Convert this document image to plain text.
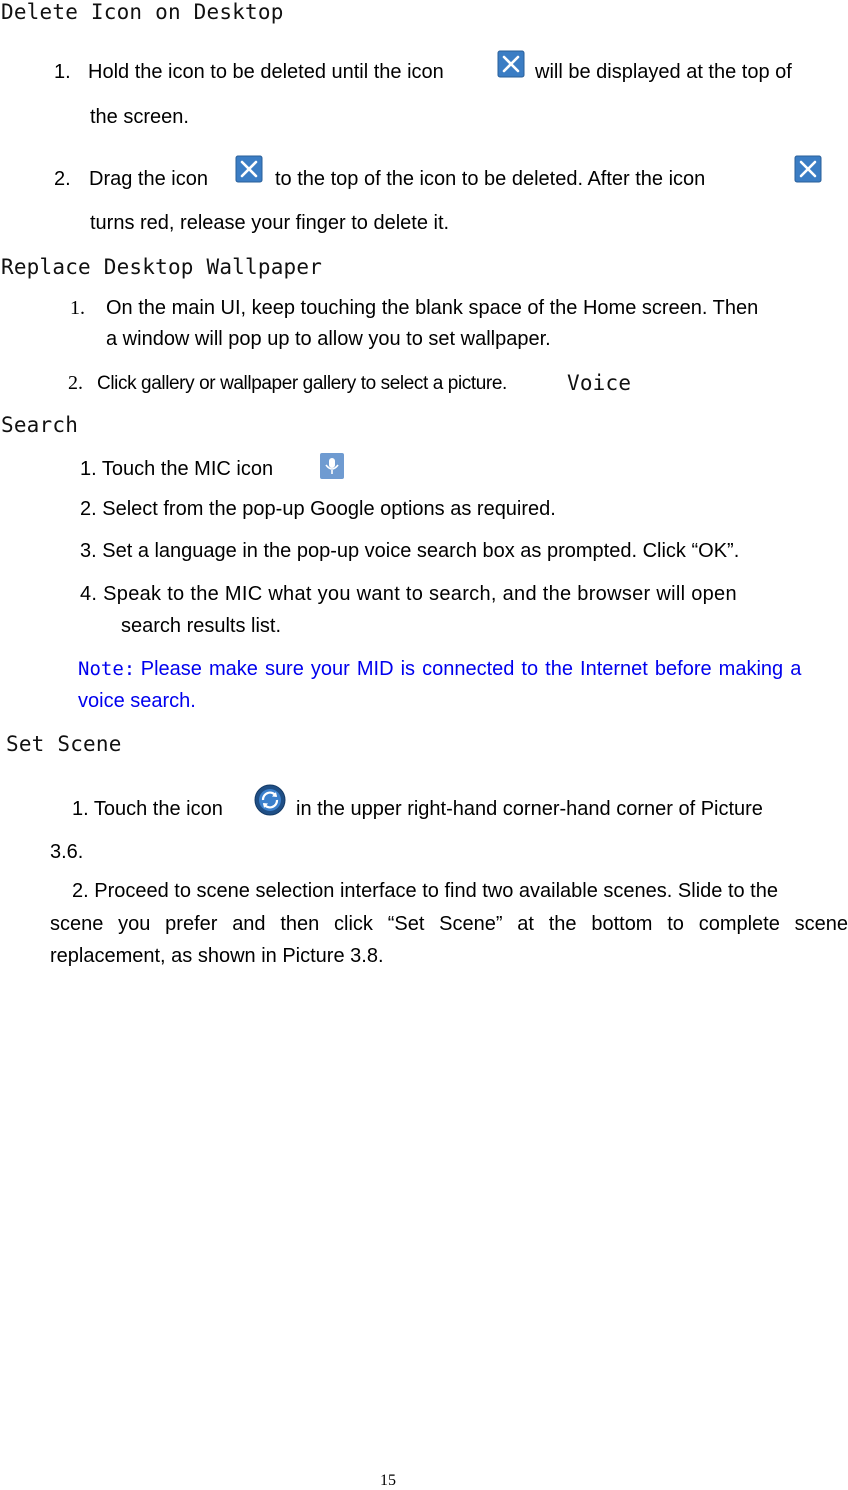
Delete Icon on Desktop
1. Hold the icon to be deleted until the icon	will be displayed at the top of
the screen.
2. Drag the icon	to the top of the icon to be deleted. After the icon
turns red, release your finger to delete it.
Replace Desktop Wallpaper
1. On the main UI, keep touching the blank space of the Home screen. Then
a window will pop up to allow you to set wallpaper.
2. Click gallery or wallpaper gallery to select a picture.	Voice
Search
1. Touch the MIC icon
2. Select from the pop-up Google options as required.
3. Set a language in the pop-up voice search box as prompted. Click “OK”.
4. Speak to the MIC what you want to search, and the browser will open
search results list.
Note: Please make sure your MID is connected to the Internet before making a
voice search.
Set Scene
1. Touch the icon	in the upper right-hand corner-hand corner of Picture
3.6.
2. Proceed to scene selection interface to find two available scenes. Slide to the
scene you prefer and then click “Set Scene” at the bottom to complete scene
replacement, as shown in Picture 3.8.
15
